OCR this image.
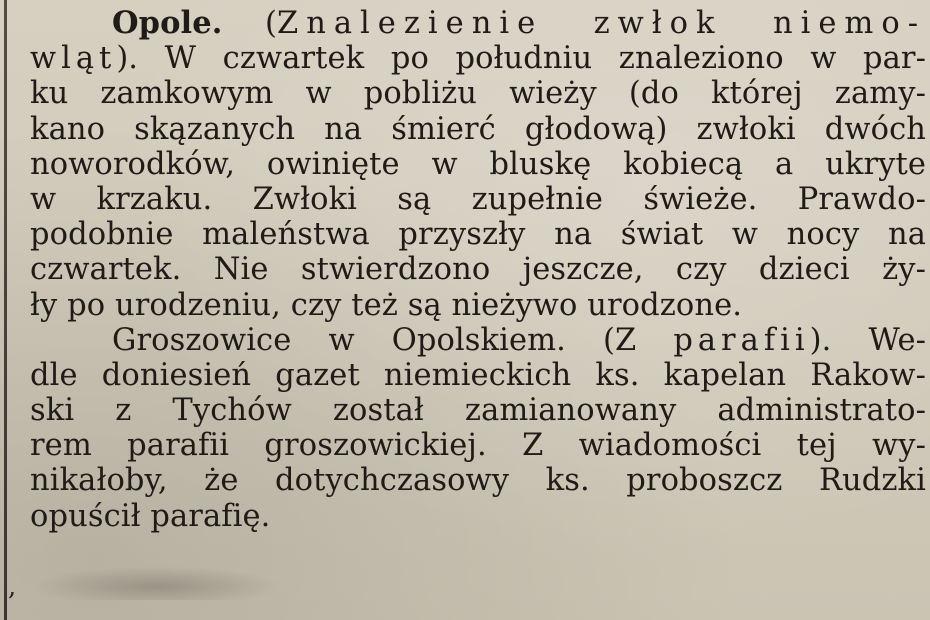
Opole. (Znalezienie zwłok niemo-
wląt). W czwartek po południu znaleziono w par-
ku zamkowym w pobliżu wieży (do której zamy-
kano skązanych na śmierć głodową) zwłoki dwóch
noworodków, owinięte w bluskę kobiecą a ukryte
w krzaku. Zwłoki są zupełnie świeże. Prawdo-
podobnie maleństwa przyszły na świat w nocy na
czwartek. Nie stwierdzono jeszcze, czy dzieci ży-
ły po urodzeniu, czy też są nieżywo urodzone.
Groszowice w Opolskiem. (Z parafii). We-
dle doniesień gazet niemieckich ks. kapelan Rakow-
ski z Tychów został zamianowany administrato-
rem parafii groszowickiej. Z wiadomości tej wy-
nikałoby, że dotychczasowy ks. proboszcz Rudzki
opuścił parafię.
,
